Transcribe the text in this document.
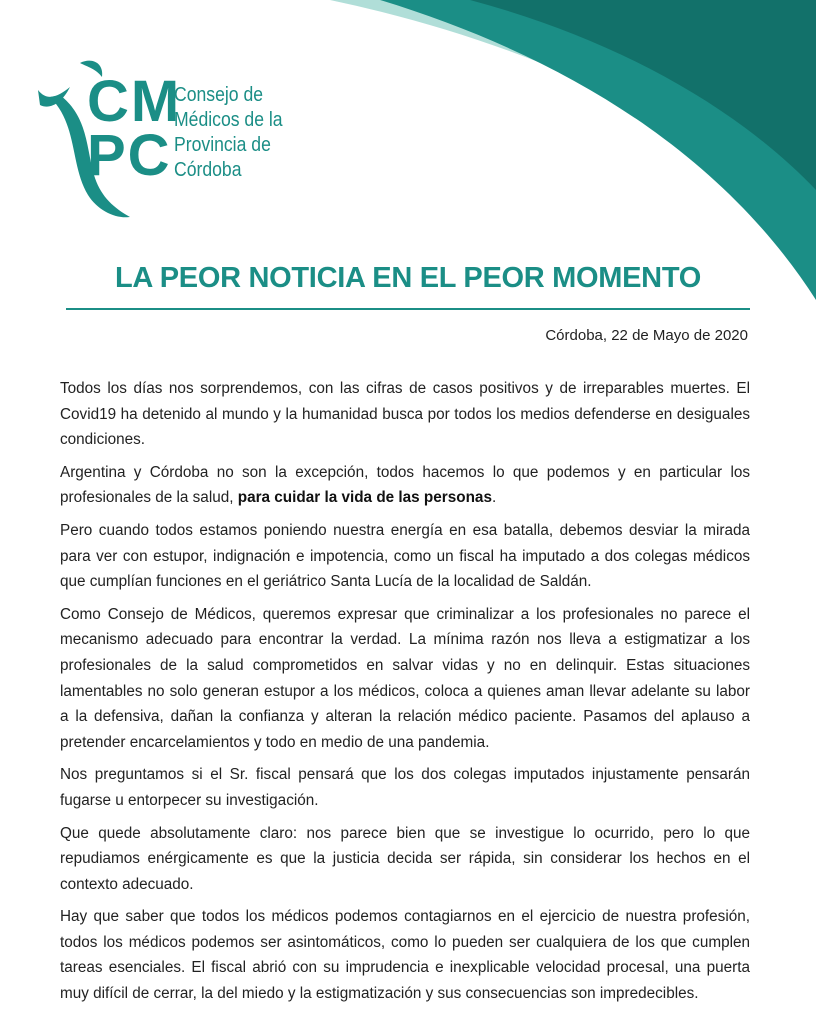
CM
PC
Consejo de
Médicos de la
Provincia de
Córdoba
LA PEOR NOTICIA EN EL PEOR MOMENTO
Córdoba, 22 de Mayo de 2020

Todos los días nos sorprendemos, con las cifras de casos positivos y de irreparables muertes. El Covid19 ha detenido al mundo y la humanidad busca por todos los medios defenderse en desiguales condiciones.

Argentina y Córdoba no son la excepción, todos hacemos lo que podemos y en particular los profesionales de la salud, para cuidar la vida de las personas.

Pero cuando todos estamos poniendo nuestra energía en esa batalla, debemos desviar la mirada para ver con estupor, indignación e impotencia, como un fiscal ha imputado a dos colegas médicos que cumplían funciones en el geriátrico Santa Lucía de la localidad de Saldán.

Como Consejo de Médicos, queremos expresar que criminalizar a los profesionales no parece el mecanismo adecuado para encontrar la verdad. La mínima razón nos lleva a estigmatizar a los profesionales de la salud comprometidos en salvar vidas y no en delinquir. Estas situaciones lamentables no solo generan estupor a los médicos, coloca a quienes aman llevar adelante su labor a la defensiva, dañan la confianza y alteran la relación médico paciente. Pasamos del aplauso a pretender encarcelamientos y todo en medio de una pandemia.

Nos preguntamos si el Sr. fiscal pensará que los dos colegas imputados injustamente pensarán fugarse u entorpecer su investigación.

Que quede absolutamente claro: nos parece bien que se investigue lo ocurrido, pero lo que repudiamos enérgicamente es que la justicia decida ser rápida, sin considerar los hechos en el contexto adecuado.

Hay que saber que todos los médicos podemos contagiarnos en el ejercicio de nuestra profesión, todos los médicos podemos ser asintomáticos, como lo pueden ser cualquiera de los que cumplen tareas esenciales. El fiscal abrió con su imprudencia e inexplicable velocidad procesal, una puerta muy difícil de cerrar, la del miedo y la estigmatización y sus consecuencias son impredecibles.
